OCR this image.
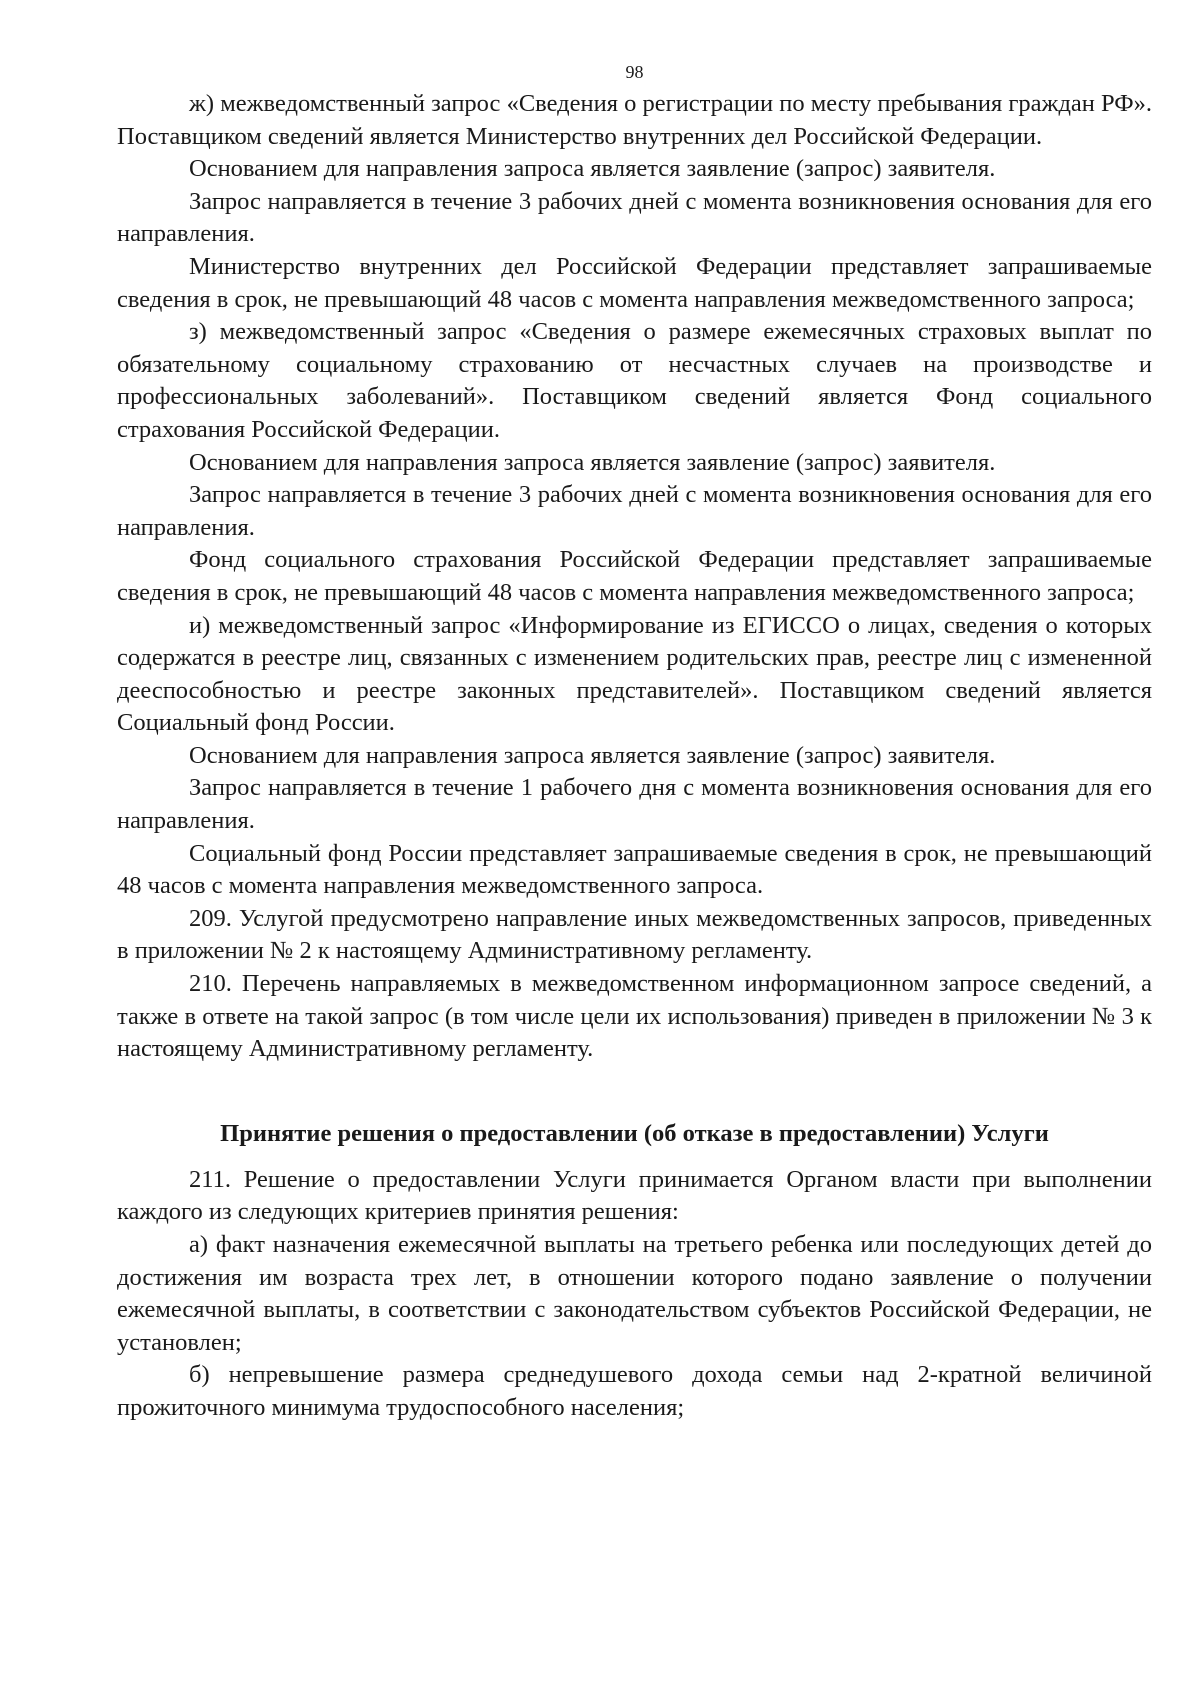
98

ж) межведомственный запрос «Сведения о регистрации по месту пребывания граждан РФ». Поставщиком сведений является Министерство внутренних дел Российской Федерации.

Основанием для направления запроса является заявление (запрос) заявителя.

Запрос направляется в течение 3 рабочих дней с момента возникновения основания для его направления.

Министерство внутренних дел Российской Федерации представляет запрашиваемые сведения в срок, не превышающий 48 часов с момента направления межведомственного запроса;

з) межведомственный запрос «Сведения о размере ежемесячных страховых выплат по обязательному социальному страхованию от несчастных случаев на производстве и профессиональных заболеваний». Поставщиком сведений является Фонд социального страхования Российской Федерации.

Основанием для направления запроса является заявление (запрос) заявителя.

Запрос направляется в течение 3 рабочих дней с момента возникновения основания для его направления.

Фонд социального страхования Российской Федерации представляет запрашиваемые сведения в срок, не превышающий 48 часов с момента направления межведомственного запроса;

и) межведомственный запрос «Информирование из ЕГИССО о лицах, сведения о которых содержатся в реестре лиц, связанных с изменением родительских прав, реестре лиц с измененной дееспособностью и реестре законных представителей». Поставщиком сведений является Социальный фонд России.

Основанием для направления запроса является заявление (запрос) заявителя.

Запрос направляется в течение 1 рабочего дня с момента возникновения основания для его направления.

Социальный фонд России представляет запрашиваемые сведения в срок, не превышающий 48 часов с момента направления межведомственного запроса.

209. Услугой предусмотрено направление иных межведомственных запросов, приведенных в приложении № 2 к настоящему Административному регламенту.

210. Перечень направляемых в межведомственном информационном запросе сведений, а также в ответе на такой запрос (в том числе цели их использования) приведен в приложении № 3 к настоящему Административному регламенту.

Принятие решения о предоставлении (об отказе в предоставлении) Услуги

211. Решение о предоставлении Услуги принимается Органом власти при выполнении каждого из следующих критериев принятия решения:

а) факт назначения ежемесячной выплаты на третьего ребенка или последующих детей до достижения им возраста трех лет, в отношении которого подано заявление о получении ежемесячной выплаты, в соответствии с законодательством субъектов Российской Федерации, не установлен;

б) непревышение размера среднедушевого дохода семьи над 2-кратной величиной прожиточного минимума трудоспособного населения;
